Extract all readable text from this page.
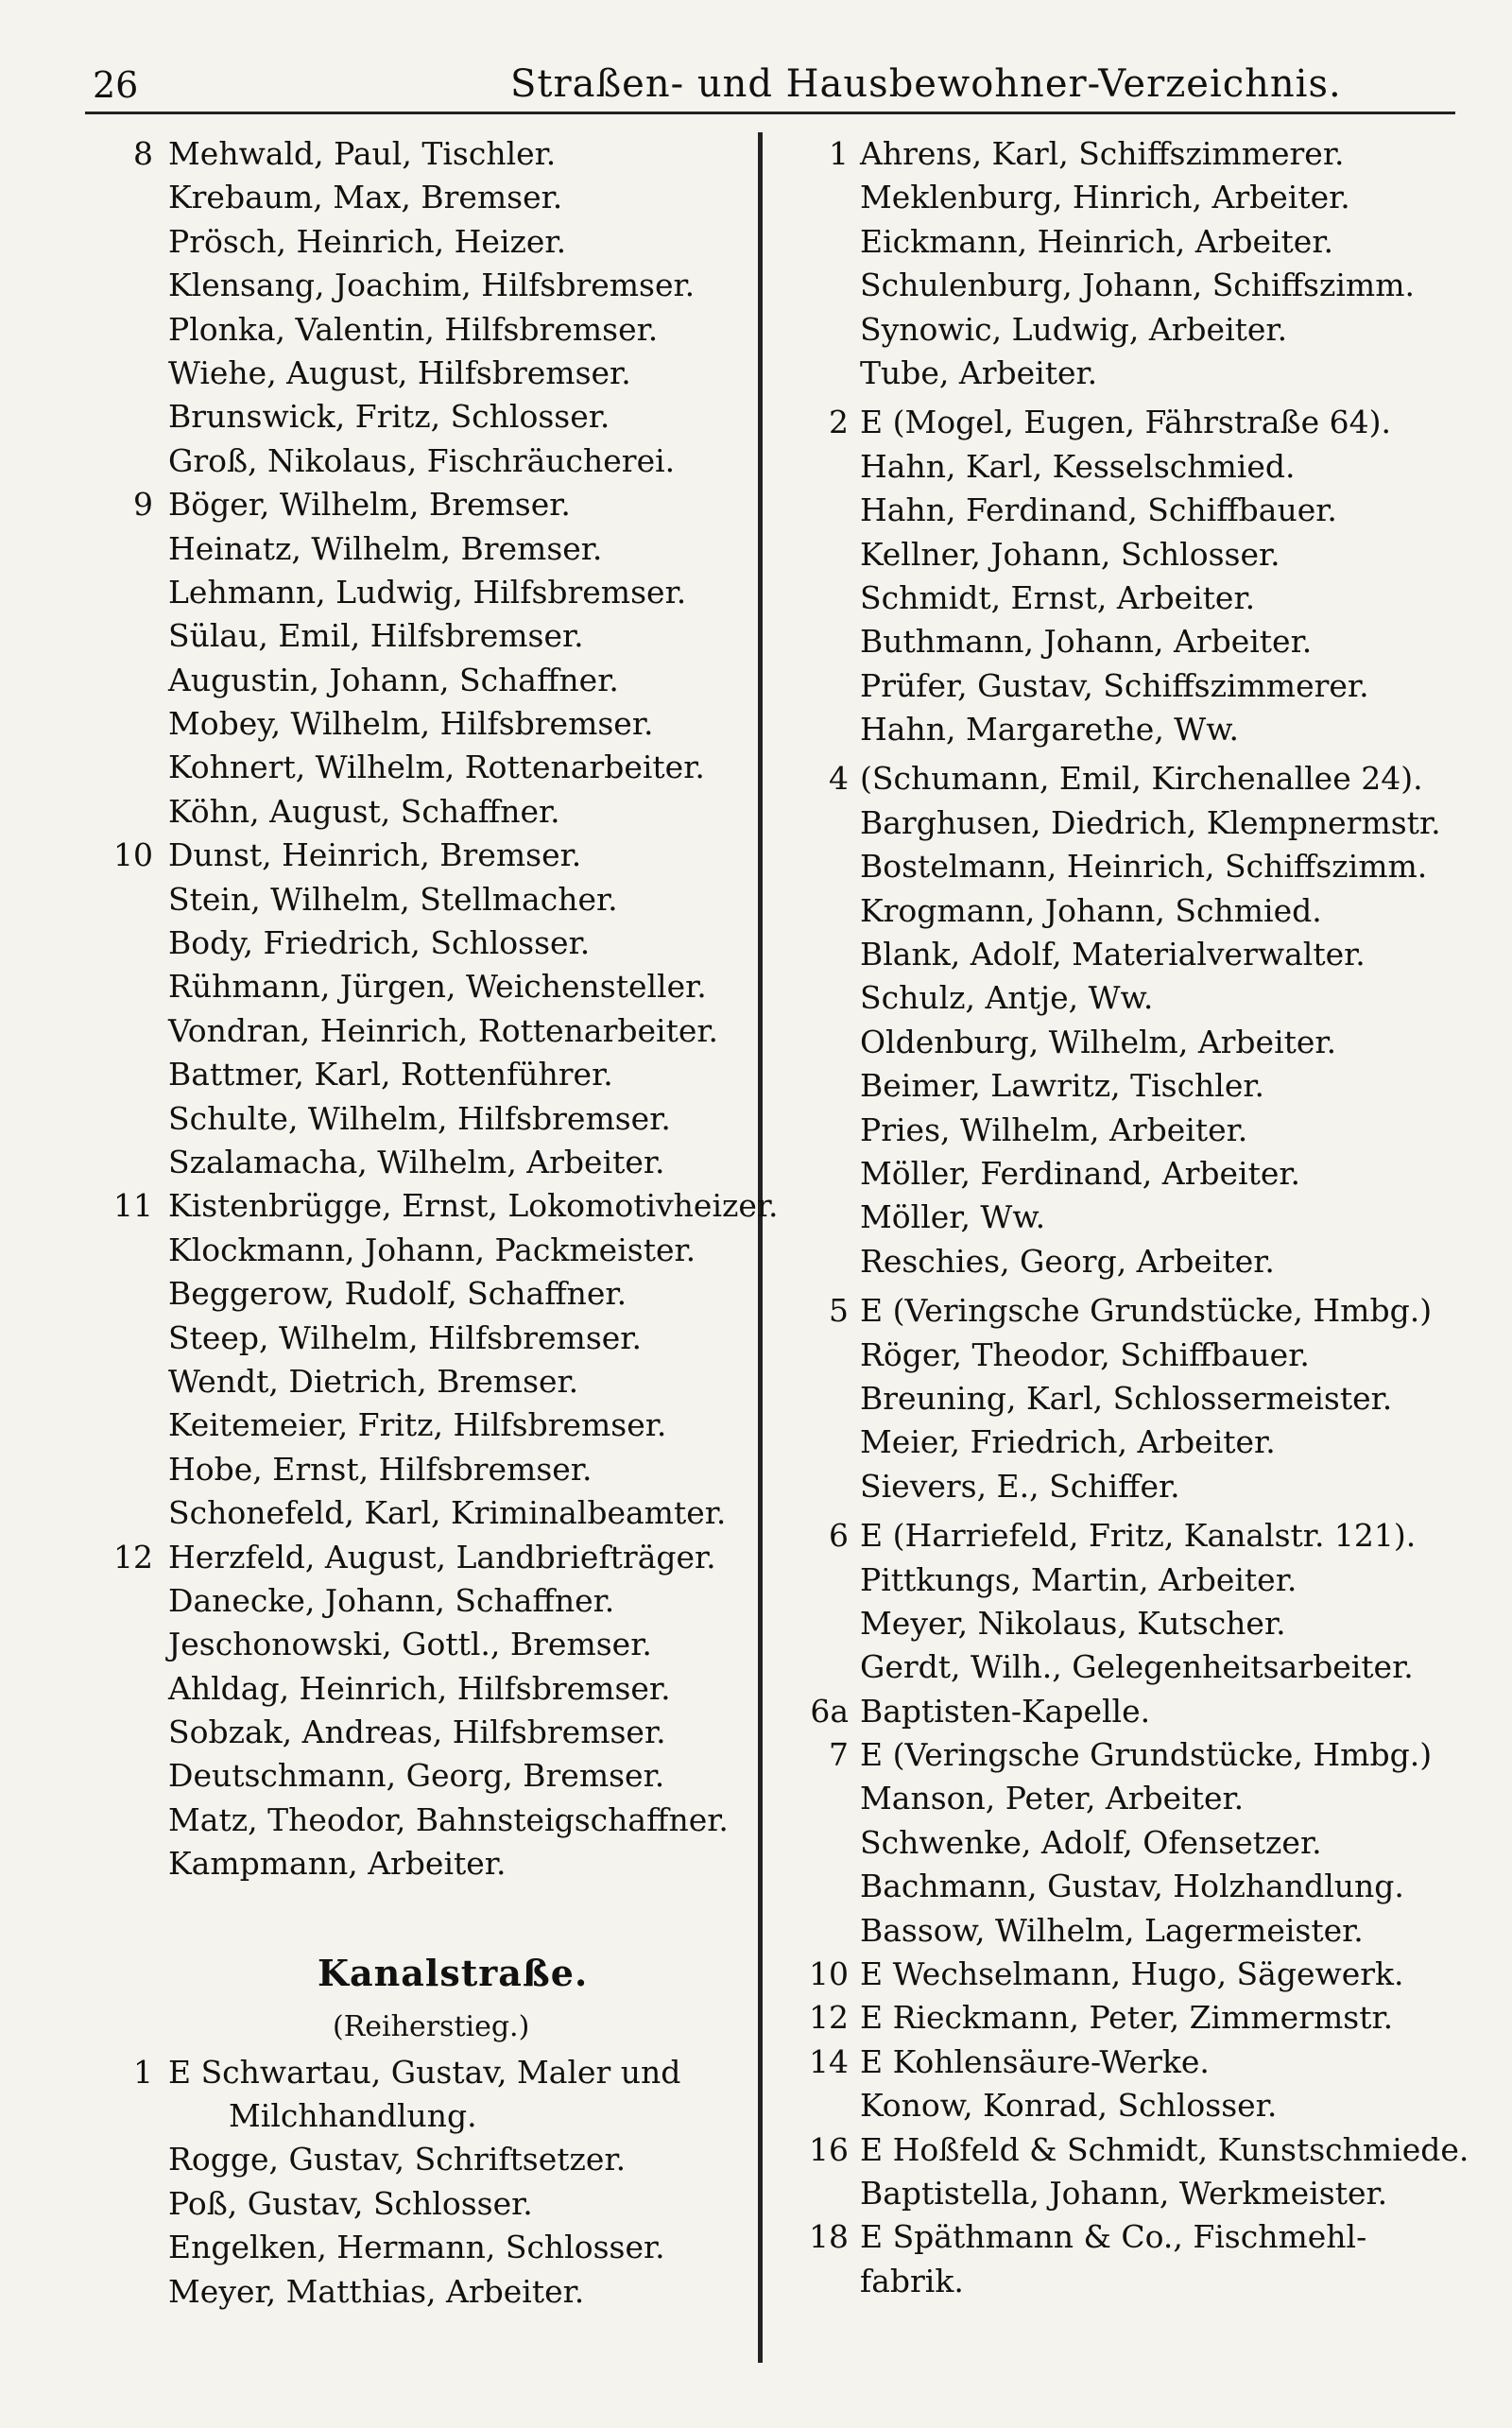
26	Straßen- und Hausbewohner-Verzeichnis.
8 Mehwald, Paul, Tischler.
Krebaum, Max, Bremser.
Prösch, Heinrich, Heizer.
Klensang, Joachim, Hilfsbremser.
Plonka, Valentin, Hilfsbremser.
Wiehe, August, Hilfsbremser.
Brunswick, Fritz, Schlosser.
Groß, Nikolaus, Fischräucherei.
9 Böger, Wilhelm, Bremser.
Heinatz, Wilhelm, Bremser.
Lehmann, Ludwig, Hilfsbremser.
Sülau, Emil, Hilfsbremser.
Augustin, Johann, Schaffner.
Mobey, Wilhelm, Hilfsbremser.
Kohnert, Wilhelm, Rottenarbeiter.
Köhn, August, Schaffner.
10 Dunst, Heinrich, Bremser.
Stein, Wilhelm, Stellmacher.
Body, Friedrich, Schlosser.
Rühmann, Jürgen, Weichensteller.
Vondran, Heinrich, Rottenarbeiter.
Battmer, Karl, Rottenführer.
Schulte, Wilhelm, Hilfsbremser.
Szalamacha, Wilhelm, Arbeiter.
11 Kistenbrügge, Ernst, Lokomotivheizer.
Klockmann, Johann, Packmeister.
Beggerow, Rudolf, Schaffner.
Steep, Wilhelm, Hilfsbremser.
Wendt, Dietrich, Bremser.
Keitemeier, Fritz, Hilfsbremser.
Hobe, Ernst, Hilfsbremser.
Schonefeld, Karl, Kriminalbeamter.
12 Herzfeld, August, Landbriefträger.
Danecke, Johann, Schaffner.
Jeschonowski, Gottl., Bremser.
Ahldag, Heinrich, Hilfsbremser.
Sobzak, Andreas, Hilfsbremser.
Deutschmann, Georg, Bremser.
Matz, Theodor, Bahnsteigschaffner.
Kampmann, Arbeiter.
Kanalstraße.
(Reiherstieg.)
1 E Schwartau, Gustav, Maler und
Milchhandlung.
Rogge, Gustav, Schriftsetzer.
Poß, Gustav, Schlosser.
Engelken, Hermann, Schlosser.
Meyer, Matthias, Arbeiter.
1 Ahrens, Karl, Schiffszimmerer.
Meklenburg, Hinrich, Arbeiter.
Eickmann, Heinrich, Arbeiter.
Schulenburg, Johann, Schiffszimm.
Synowic, Ludwig, Arbeiter.
Tube, Arbeiter.
2 E (Mogel, Eugen, Fährstraße 64).
Hahn, Karl, Kesselschmied.
Hahn, Ferdinand, Schiffbauer.
Kellner, Johann, Schlosser.
Schmidt, Ernst, Arbeiter.
Buthmann, Johann, Arbeiter.
Prüfer, Gustav, Schiffszimmerer.
Hahn, Margarethe, Ww.
4 (Schumann, Emil, Kirchenallee 24).
Barghusen, Diedrich, Klempnermstr.
Bostelmann, Heinrich, Schiffszimm.
Krogmann, Johann, Schmied.
Blank, Adolf, Materialverwalter.
Schulz, Antje, Ww.
Oldenburg, Wilhelm, Arbeiter.
Beimer, Lawritz, Tischler.
Pries, Wilhelm, Arbeiter.
Möller, Ferdinand, Arbeiter.
Möller, Ww.
Reschies, Georg, Arbeiter.
5 E (Veringsche Grundstücke, Hmbg.)
Röger, Theodor, Schiffbauer.
Breuning, Karl, Schlossermeister.
Meier, Friedrich, Arbeiter.
Sievers, E., Schiffer.
6 E (Harriefeld, Fritz, Kanalstr. 121).
Pittkungs, Martin, Arbeiter.
Meyer, Nikolaus, Kutscher.
Gerdt, Wilh., Gelegenheitsarbeiter.
6a Baptisten-Kapelle.
7 E (Veringsche Grundstücke, Hmbg.)
Manson, Peter, Arbeiter.
Schwenke, Adolf, Ofensetzer.
Bachmann, Gustav, Holzhandlung.
Bassow, Wilhelm, Lagermeister.
10 E Wechselmann, Hugo, Sägewerk.
12 E Rieckmann, Peter, Zimmermstr.
14 E Kohlensäure-Werke.
Konow, Konrad, Schlosser.
16 E Hoßfeld & Schmidt, Kunstschmiede.
Baptistella, Johann, Werkmeister.
18 E Späthmann & Co., Fischmehl-
fabrik.
